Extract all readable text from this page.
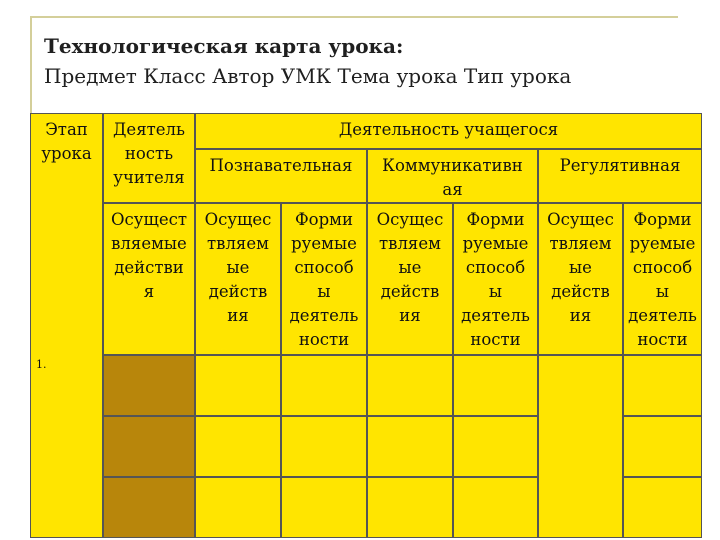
Технологическая карта урока:
Предмет Класс Автор УМК Тема урока Тип урока
Этап
урока
1.
Деятель
ность
учителя
Осущест
вляемые
действи
я
Деятельность учащегося
Познавательная	Коммуникативн
ая
Регулятивная
Осущес
твляем
ые
действ
ия
Форми
руемые
способ
ы
деятель
ности
Осущес
твляем
ые
действ
ия
Форми
руемые
способ
ы
деятель
ности
Осущес
твляем
ые
действ
ия
Форми
руемые
способ
ы
деятель
ности
